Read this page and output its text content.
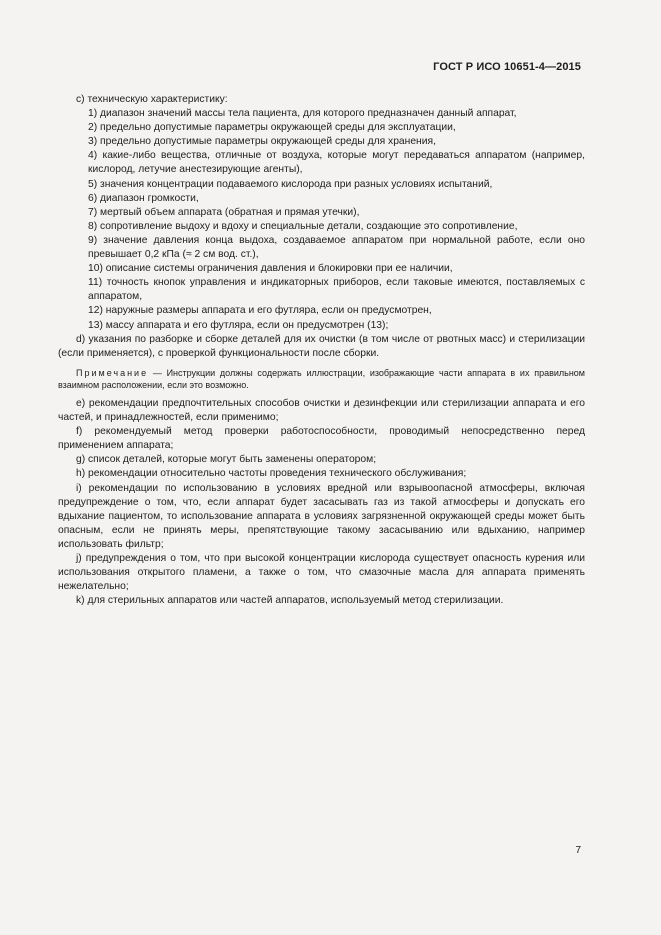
ГОСТ Р ИСО 10651-4—2015

c) техническую характеристику:

1) диапазон значений массы тела пациента, для которого предназначен данный аппарат,

2) предельно допустимые параметры окружающей среды для эксплуатации,

3) предельно допустимые параметры окружающей среды для хранения,

4) какие-либо вещества, отличные от воздуха, которые могут передаваться аппаратом (например, кислород, летучие анестезирующие агенты),

5) значения концентрации подаваемого кислорода при разных условиях испытаний,

6) диапазон громкости,

7) мертвый объем аппарата (обратная и прямая утечки),

8) сопротивление выдоху и вдоху и специальные детали, создающие это сопротивление,

9) значение давления конца выдоха, создаваемое аппаратом при нормальной работе, если оно превышает 0,2 кПа (≈ 2 см вод. ст.),

10) описание системы ограничения давления и блокировки при ее наличии,

11) точность кнопок управления и индикаторных приборов, если таковые имеются, поставляемых с аппаратом,

12) наружные размеры аппарата и его футляра, если он предусмотрен,

13) массу аппарата и его футляра, если он предусмотрен (13);

d) указания по разборке и сборке деталей для их очистки (в том числе от рвотных масс) и стерилизации (если применяется), с проверкой функциональности после сборки.

Примечание — Инструкции должны содержать иллюстрации, изображающие части аппарата в их правильном взаимном расположении, если это возможно.

e) рекомендации предпочтительных способов очистки и дезинфекции или стерилизации аппарата и его частей, и принадлежностей, если применимо;

f) рекомендуемый метод проверки работоспособности, проводимый непосредственно перед применением аппарата;

g) список деталей, которые могут быть заменены оператором;

h) рекомендации относительно частоты проведения технического обслуживания;

i) рекомендации по использованию в условиях вредной или взрывоопасной атмосферы, включая предупреждение о том, что, если аппарат будет засасывать газ из такой атмосферы и допускать его вдыхание пациентом, то использование аппарата в условиях загрязненной окружающей среды может быть опасным, если не принять меры, препятствующие такому засасыванию или вдыханию, например использовать фильтр;

j) предупреждения о том, что при высокой концентрации кислорода существует опасность курения или использования открытого пламени, а также о том, что смазочные масла для аппарата применять нежелательно;

k) для стерильных аппаратов или частей аппаратов, используемый метод стерилизации.

7
